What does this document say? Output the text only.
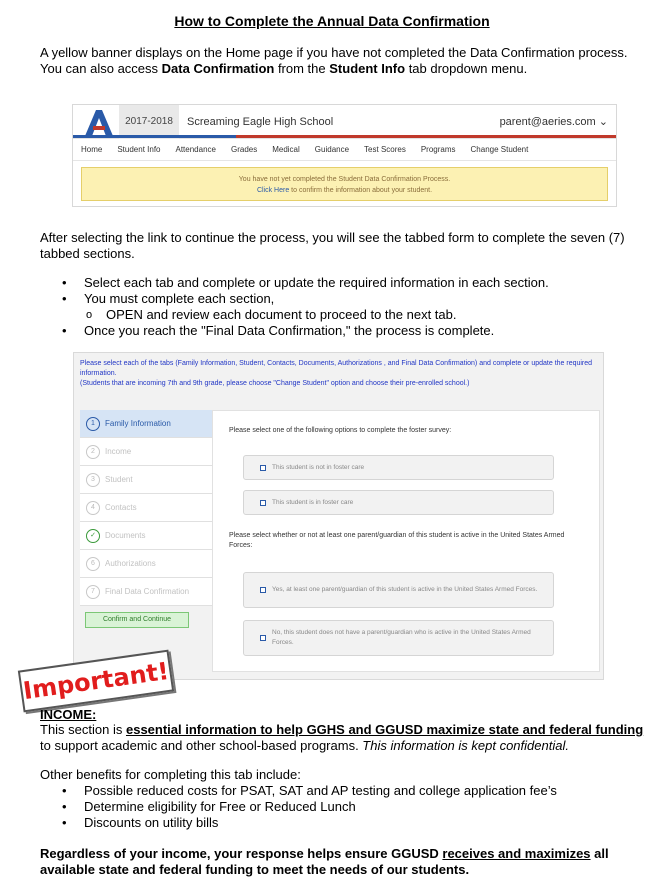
How to Complete the Annual Data Confirmation
A yellow banner displays on the Home page if you have not completed the Data Confirmation process.
You can also access Data Confirmation from the Student Info tab dropdown menu.
2017-2018	Screaming Eagle High School	parent@aeries.com ⌄
Home Student Info Attendance Grades Medical Guidance Test Scores Programs Change Student
You have not yet completed the Student Data Confirmation Process.
Click Here to confirm the information about your student.
After selecting the link to continue the process, you will see the tabbed form to complete the seven (7) tabbed sections.
• Select each tab and complete or update the required information in each section.
• You must complete each section,
o OPEN and review each document to proceed to the next tab.
• Once you reach the "Final Data Confirmation," the process is complete.
Please select each of the tabs (Family Information, Student, Contacts, Documents, Authorizations , and Final Data Confirmation) and complete or update the required information.
(Students that are incoming 7th and 9th grade, please choose "Change Student" option and choose their pre-enrolled school.)
1	Family Information
2	Income
3	Student
4	Contacts
✓	Documents
6	Authorizations
7	Final Data Confirmation
Confirm and Continue
Please select one of the following options to complete the foster survey:
This student is not in foster care
This student is in foster care
Please select whether or not at least one parent/guardian of this student is active in the United States Armed Forces:
Yes, at least one parent/guardian of this student is active in the United States Armed Forces.
No, this student does not have a parent/guardian who is active in the United States Armed Forces.
Important!
INCOME:
This section is essential information to help GGHS and GGUSD maximize state and federal funding to support academic and other school-based programs. This information is kept confidential.
Other benefits for completing this tab include:
• Possible reduced costs for PSAT, SAT and AP testing and college application fee’s
• Determine eligibility for Free or Reduced Lunch
• Discounts on utility bills
Regardless of your income, your response helps ensure GGUSD receives and maximizes all available state and federal funding to meet the needs of our students.
